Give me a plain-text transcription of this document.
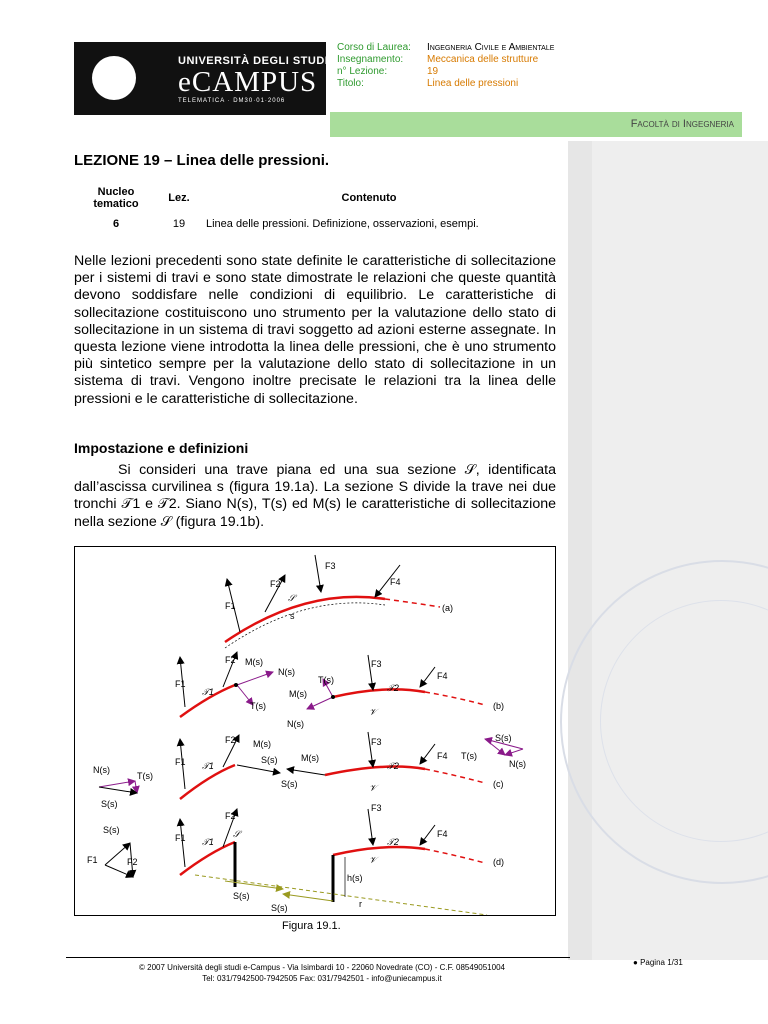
UNIVERSITÀ DEGLI STUDI
eCAMPUS
TELEMATICA · DM30·01·2006
Corso di Laurea: Ingegneria Civile e Ambientale
Insegnamento: Meccanica delle strutture
n° Lezione:	19
Titolo:	Linea delle pressioni
Facoltà di Ingegneria
LEZIONE 19 – Linea delle pressioni.
Nucleo tematico	Lez.	Contenuto
6	19	Linea delle pressioni. Definizione, osservazioni, esempi.
Nelle lezioni precedenti sono state definite le caratteristiche di sollecitazione per i sistemi di travi e sono state dimostrate le relazioni che queste quantità devono soddisfare nelle condizioni di equilibrio. Le caratteristiche di sollecitazione costituiscono uno strumento per la valutazione dello stato di sollecitazione in un sistema di travi soggetto ad azioni esterne assegnate. In questa lezione viene introdotta la linea delle pressioni, che è uno strumento più sintetico sempre per la valutazione dello stato di sollecitazione in un sistema di travi. Vengono inoltre precisate le relazioni tra la linea delle pressioni e le caratteristiche di sollecitazione.
Impostazione e definizioni
Si consideri una trave piana ed una sua sezione 𝒮, identificata dall’ascissa curvilinea s (figura 19.1a). La sezione S divide la trave nei due tronchi 𝒯1 e 𝒯2. Siano N(s), T(s) ed M(s) le caratteristiche di sollecitazione nella sezione 𝒮 (figura 19.1b).
F1
F2
F3
F4
𝒮
s
(a)
F1
F2	F3
F4
M(s)
N(s)
T(s)
T(s)
M(s)
N(s)
𝒯1	𝒯2
𝒱
(b)
F1
F2	F3
F4
M(s)
S(s)	M(s)
S(s)
𝒯1	𝒯2
𝒱	(c)
N(s)
T(s)
S(s)
S(s)
T(s)
N(s)
F1
F2
F3
F4
𝒯1	𝒯2
𝒱
𝒮
h(s)
r
S(s)
S(s)
(d)
S(s)
F1	F2
Figura 19.1.
© 2007 Università degli studi e-Campus - Via Isimbardi 10 - 22060 Novedrate (CO) - C.F. 08549051004
Tel: 031/7942500-7942505 Fax: 031/7942501 - info@uniecampus.it
● Pagina 1/31
